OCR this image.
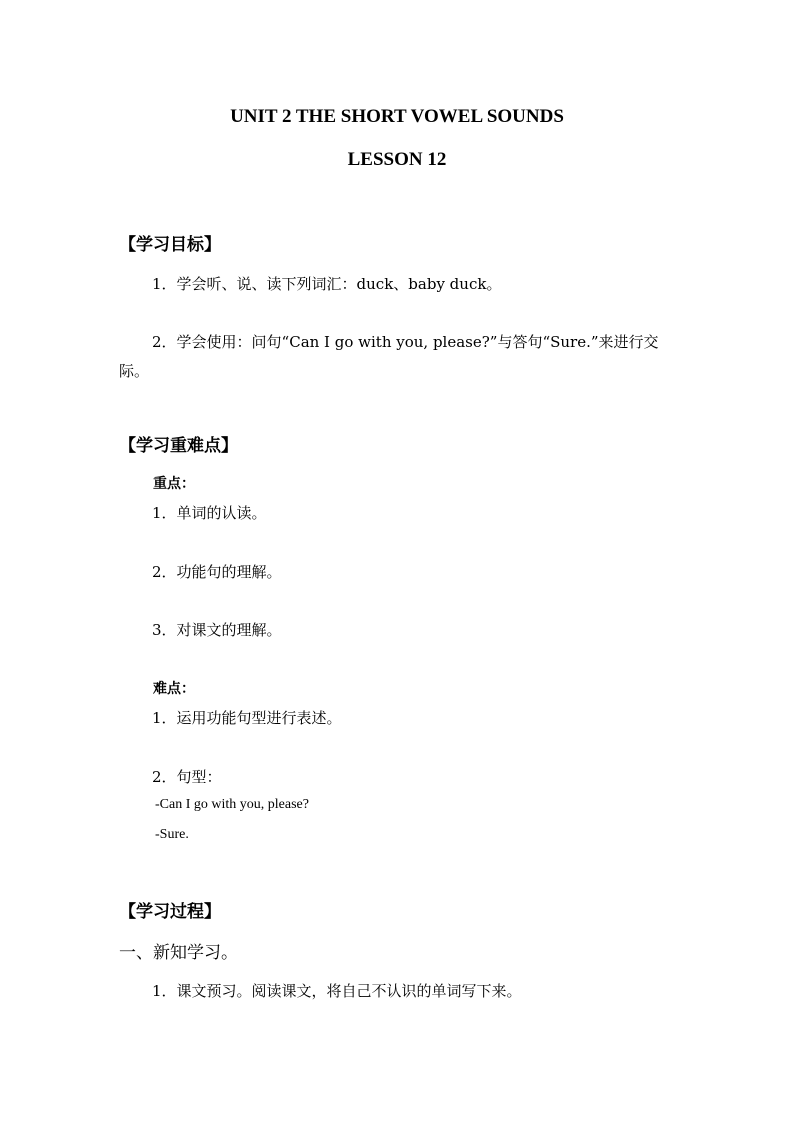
UNIT 2 THE SHORT VOWEL SOUNDS
LESSON 12
【学习目标】
1．学会听、说、读下列词汇：duck、baby duck。
2．学会使用：问句“Can I go with you, please?”与答句“Sure.”来进行交
际。
【学习重难点】
重点：
1．单词的认读。
2．功能句的理解。
3．对课文的理解。
难点：
1．运用功能句型进行表述。
2．句型：
-Can I go with you, please?
-Sure.
【学习过程】
一、新知学习。
1．课文预习。阅读课文，将自己不认识的单词写下来。
